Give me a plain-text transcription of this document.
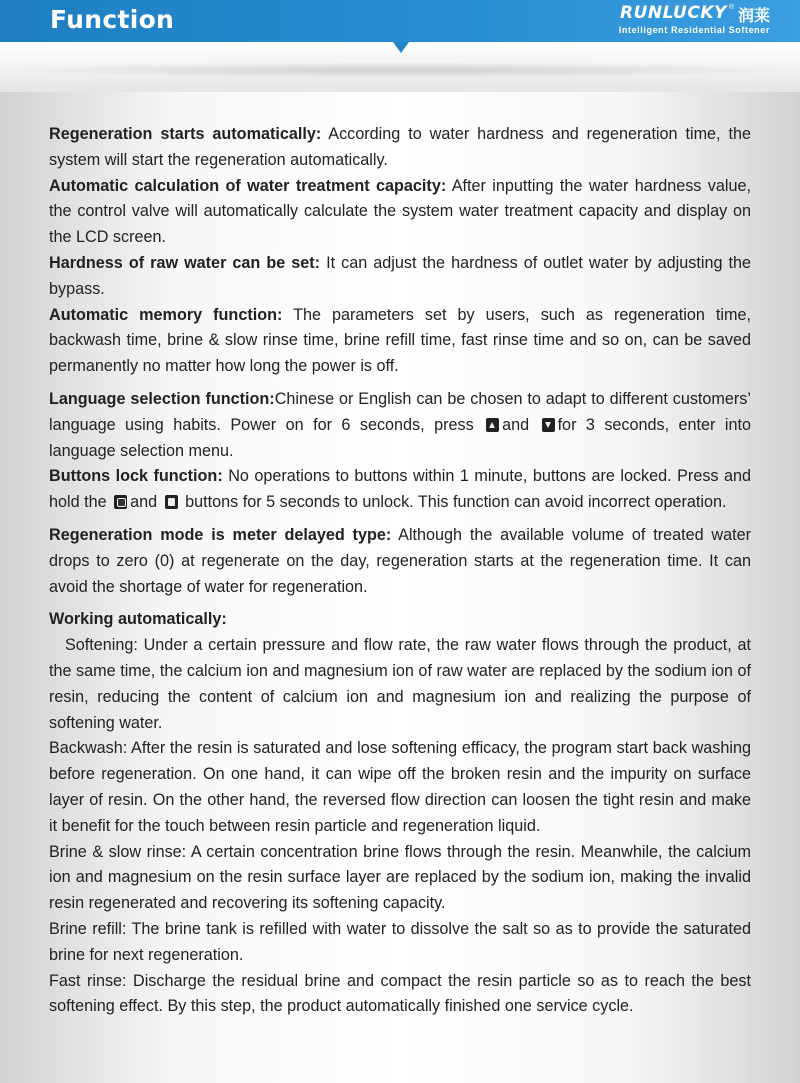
Function	RUNLUCKY ® 润莱
Intelligent Residential Softener

Regeneration starts automatically: According to water hardness and regeneration time, the system will start the regeneration automatically.

Automatic calculation of water treatment capacity: After inputting the water hardness value, the control valve will automatically calculate the system water treatment capacity and display on the LCD screen.

Hardness of raw water can be set: It can adjust the hardness of outlet water by adjusting the bypass.

Automatic memory function: The parameters set by users, such as regeneration time, backwash time, brine & slow rinse time, brine refill time, fast rinse time and so on, can be saved permanently no matter how long the power is off.

Language selection function:Chinese or English can be chosen to adapt to different customers’ language using habits. Power on for 6 seconds, press and for 3 seconds, enter into language selection menu.

Buttons lock function: No operations to buttons within 1 minute, buttons are locked. Press and hold the and  buttons for 5 seconds to unlock. This function can avoid incorrect operation.

Regeneration mode is meter delayed type: Although the available volume of treated water drops to zero (0) at regenerate on the day, regeneration starts at the regeneration time. It can avoid the shortage of water for regeneration.

Working automatically:

Softening: Under a certain pressure and flow rate, the raw water flows through the product, at the same time, the calcium ion and magnesium ion of raw water are replaced by the sodium ion of resin, reducing the content of calcium ion and magnesium ion and realizing the purpose of softening water.

Backwash: After the resin is saturated and lose softening efficacy, the program start back washing before regeneration. On one hand, it can wipe off the broken resin and the impurity on surface layer of resin. On the other hand, the reversed flow direction can loosen the tight resin and make it benefit for the touch between resin particle and regeneration liquid.

Brine & slow rinse: A certain concentration brine flows through the resin. Meanwhile, the calcium ion and magnesium on the resin surface layer are replaced by the sodium ion, making the invalid resin regenerated and recovering its softening capacity.

Brine refill: The brine tank is refilled with water to dissolve the salt so as to provide the saturated brine for next regeneration.

Fast rinse: Discharge the residual brine and compact the resin particle so as to reach the best softening effect. By this step, the product automatically finished one service cycle.
